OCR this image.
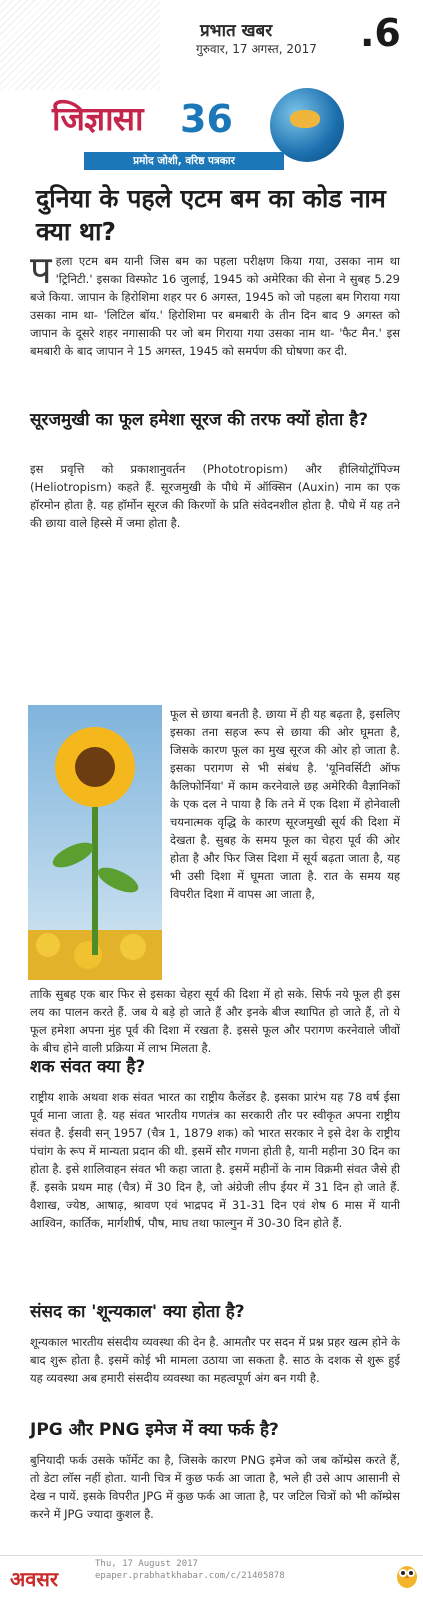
प्रभात खबर
गुरुवार, 17 अगस्त, 2017 .6
जिज्ञासा 36
प्रमोद जोशी, वरिष्ठ पत्रकार
दुनिया के पहले एटम बम का कोड नाम क्या था?
पहला एटम बम यानी जिस बम का पहला परीक्षण किया गया, उसका नाम था 'ट्रिनिटी.' इसका विस्फोट 16 जुलाई, 1945 को अमेरिका की सेना ने सुबह 5.29 बजे किया. जापान के हिरोशिमा शहर पर 6 अगस्त, 1945 को जो पहला बम गिराया गया उसका नाम था- 'लिटिल बॉय.' हिरोशिमा पर बमबारी के तीन दिन बाद 9 अगस्त को जापान के दूसरे शहर नगासाकी पर जो बम गिराया गया उसका नाम था- 'फैट मैन.' इस बमबारी के बाद जापान ने 15 अगस्त, 1945 को समर्पण की घोषणा कर दी.
सूरजमुखी का फूल हमेशा सूरज की तरफ क्यों होता है?
इस प्रवृत्ति को प्रकाशानुवर्तन (Phototropism) और हीलियोट्रॉपिज्म (Heliotropism) कहते हैं. सूरजमुखी के पौधे में ऑक्सिन (Auxin) नाम का एक हॉरमोन होता है. यह हॉर्मोन सूरज की किरणों के प्रति संवेदनशील होता है. पौधे में यह तने की छाया वाले हिस्से में जमा होता है.
फूल से छाया बनती है. छाया में ही यह बढ़ता है, इसलिए इसका तना सहज रूप से छाया की ओर घूमता है, जिसके कारण फूल का मुख सूरज की ओर हो जाता है. इसका परागण से भी संबंध है. 'यूनिवर्सिटी ऑफ कैलिफोर्निया' में काम करनेवाले छह अमेरिकी वैज्ञानिकों के एक दल ने पाया है कि तने में एक दिशा में होनेवाली चयनात्मक वृद्धि के कारण सूरजमुखी सूर्य की दिशा में देखता है. सुबह के समय फूल का चेहरा पूर्व की ओर होता है और फिर जिस दिशा में सूर्य बढ़ता जाता है, यह भी उसी दिशा में घूमता जाता है. रात के समय यह विपरीत दिशा में वापस आ जाता है,
ताकि सुबह एक बार फिर से इसका चेहरा सूर्य की दिशा में हो सके. सिर्फ नये फूल ही इस लय का पालन करते हैं. जब ये बड़े हो जाते हैं और इनके बीज स्थापित हो जाते हैं, तो ये फूल हमेशा अपना मुंह पूर्व की दिशा में रखता है. इससे फूल और परागण करनेवाले जीवों के बीच होने वाली प्रक्रिया में लाभ मिलता है.
शक संवत क्या है?
राष्ट्रीय शाके अथवा शक संवत भारत का राष्ट्रीय कैलेंडर है. इसका प्रारंभ यह 78 वर्ष ईसा पूर्व माना जाता है. यह संवत भारतीय गणतंत्र का सरकारी तौर पर स्वीकृत अपना राष्ट्रीय संवत है. ईसवी सन् 1957 (चैत्र 1, 1879 शक) को भारत सरकार ने इसे देश के राष्ट्रीय पंचांग के रूप में मान्यता प्रदान की थी. इसमें सौर गणना होती है, यानी महीना 30 दिन का होता है. इसे शालिवाहन संवत भी कहा जाता है. इसमें महीनों के नाम विक्रमी संवत जैसे ही हैं. इसके प्रथम माह (चैत्र) में 30 दिन है, जो अंग्रेजी लीप ईयर में 31 दिन हो जाते हैं. वैशाख, ज्येष्ठ, आषाढ़, श्रावण एवं भाद्रपद में 31-31 दिन एवं शेष 6 मास में यानी आश्विन, कार्तिक, मार्गशीर्ष, पौष, माघ तथा फाल्गुन में 30-30 दिन होते हैं.
संसद का 'शून्यकाल' क्या होता है?
शून्यकाल भारतीय संसदीय व्यवस्था की देन है. आमतौर पर सदन में प्रश्न प्रहर खत्म होने के बाद शुरू होता है. इसमें कोई भी मामला उठाया जा सकता है. साठ के दशक से शुरू हुई यह व्यवस्था अब हमारी संसदीय व्यवस्था का महत्वपूर्ण अंग बन गयी है.
JPG और PNG इमेज में क्या फर्क है?
बुनियादी फर्क उसके फॉर्मेट का है, जिसके कारण PNG इमेज को जब कॉम्प्रेस करते हैं, तो डेटा लॉस नहीं होता. यानी चित्र में कुछ फर्क आ जाता है, भले ही उसे आप आसानी से देख न पायें. इसके विपरीत JPG में कुछ फर्क आ जाता है, पर जटिल चित्रों को भी कॉम्प्रेस करने में JPG ज्यादा कुशल है.
अवसर
Thu, 17 August 2017
epaper.prabhatkhabar.com/c/21405878
